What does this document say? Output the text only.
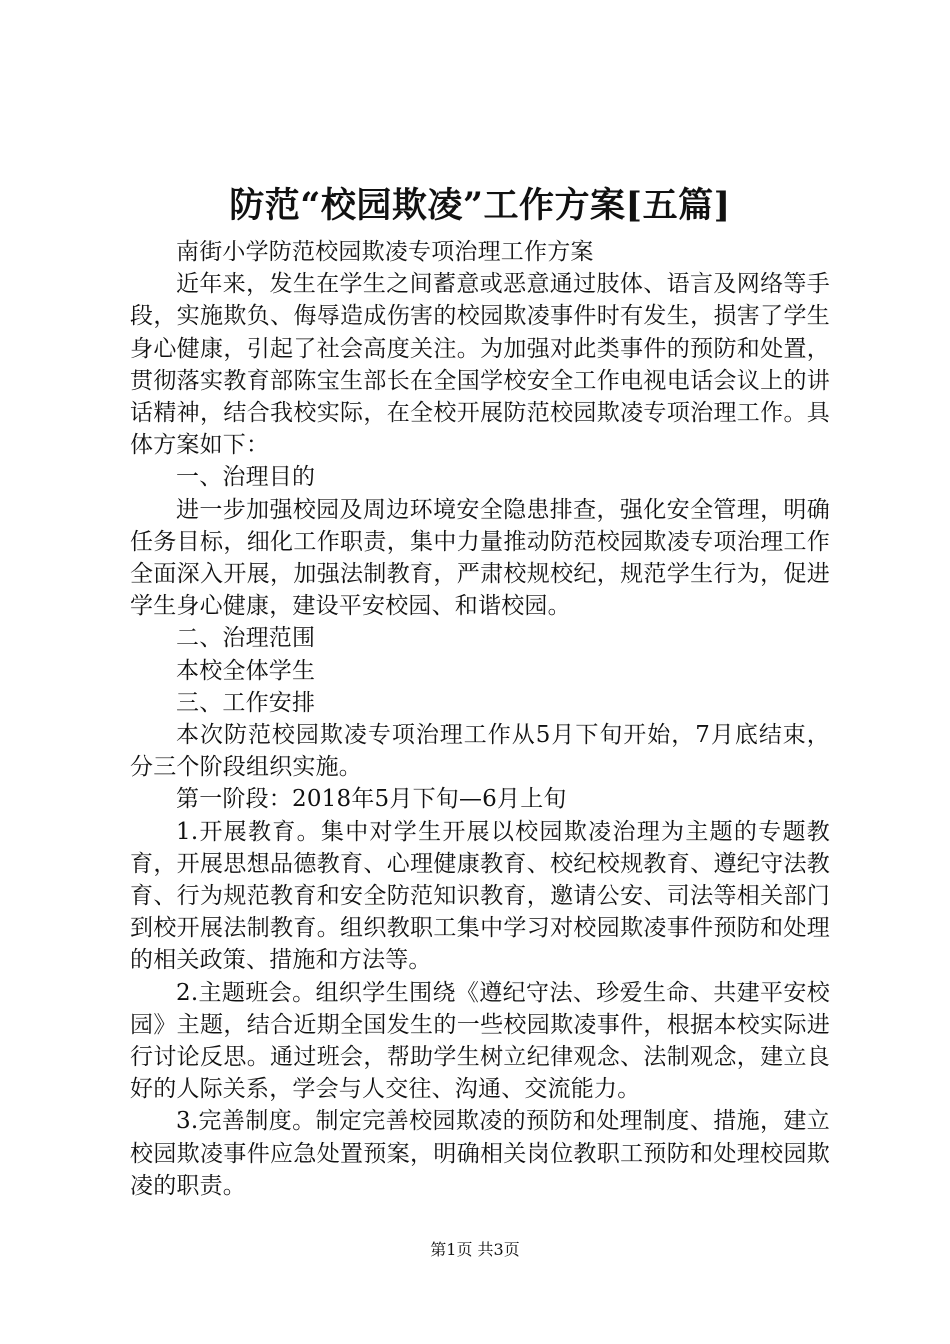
防范“校园欺凌”工作方案[五篇]

南街小学防范校园欺凌专项治理工作方案

近年来，发生在学生之间蓄意或恶意通过肢体、语言及网络等手段，实施欺负、侮辱造成伤害的校园欺凌事件时有发生，损害了学生身心健康，引起了社会高度关注。为加强对此类事件的预防和处置，贯彻落实教育部陈宝生部长在全国学校安全工作电视电话会议上的讲话精神，结合我校实际，在全校开展防范校园欺凌专项治理工作。具体方案如下：

一、治理目的

进一步加强校园及周边环境安全隐患排查，强化安全管理，明确任务目标，细化工作职责，集中力量推动防范校园欺凌专项治理工作全面深入开展，加强法制教育，严肃校规校纪，规范学生行为，促进学生身心健康，建设平安校园、和谐校园。

二、治理范围

本校全体学生

三、工作安排

本次防范校园欺凌专项治理工作从5月下旬开始，7月底结束，分三个阶段组织实施。

第一阶段：2018年5月下旬—6月上旬

1.开展教育。集中对学生开展以校园欺凌治理为主题的专题教育，开展思想品德教育、心理健康教育、校纪校规教育、遵纪守法教育、行为规范教育和安全防范知识教育，邀请公安、司法等相关部门到校开展法制教育。组织教职工集中学习对校园欺凌事件预防和处理的相关政策、措施和方法等。

2.主题班会。组织学生围绕《遵纪守法、珍爱生命、共建平安校园》主题，结合近期全国发生的一些校园欺凌事件，根据本校实际进行讨论反思。通过班会，帮助学生树立纪律观念、法制观念，建立良好的人际关系，学会与人交往、沟通、交流能力。

3.完善制度。制定完善校园欺凌的预防和处理制度、措施，建立校园欺凌事件应急处置预案，明确相关岗位教职工预防和处理校园欺凌的职责。

第1页 共3页
